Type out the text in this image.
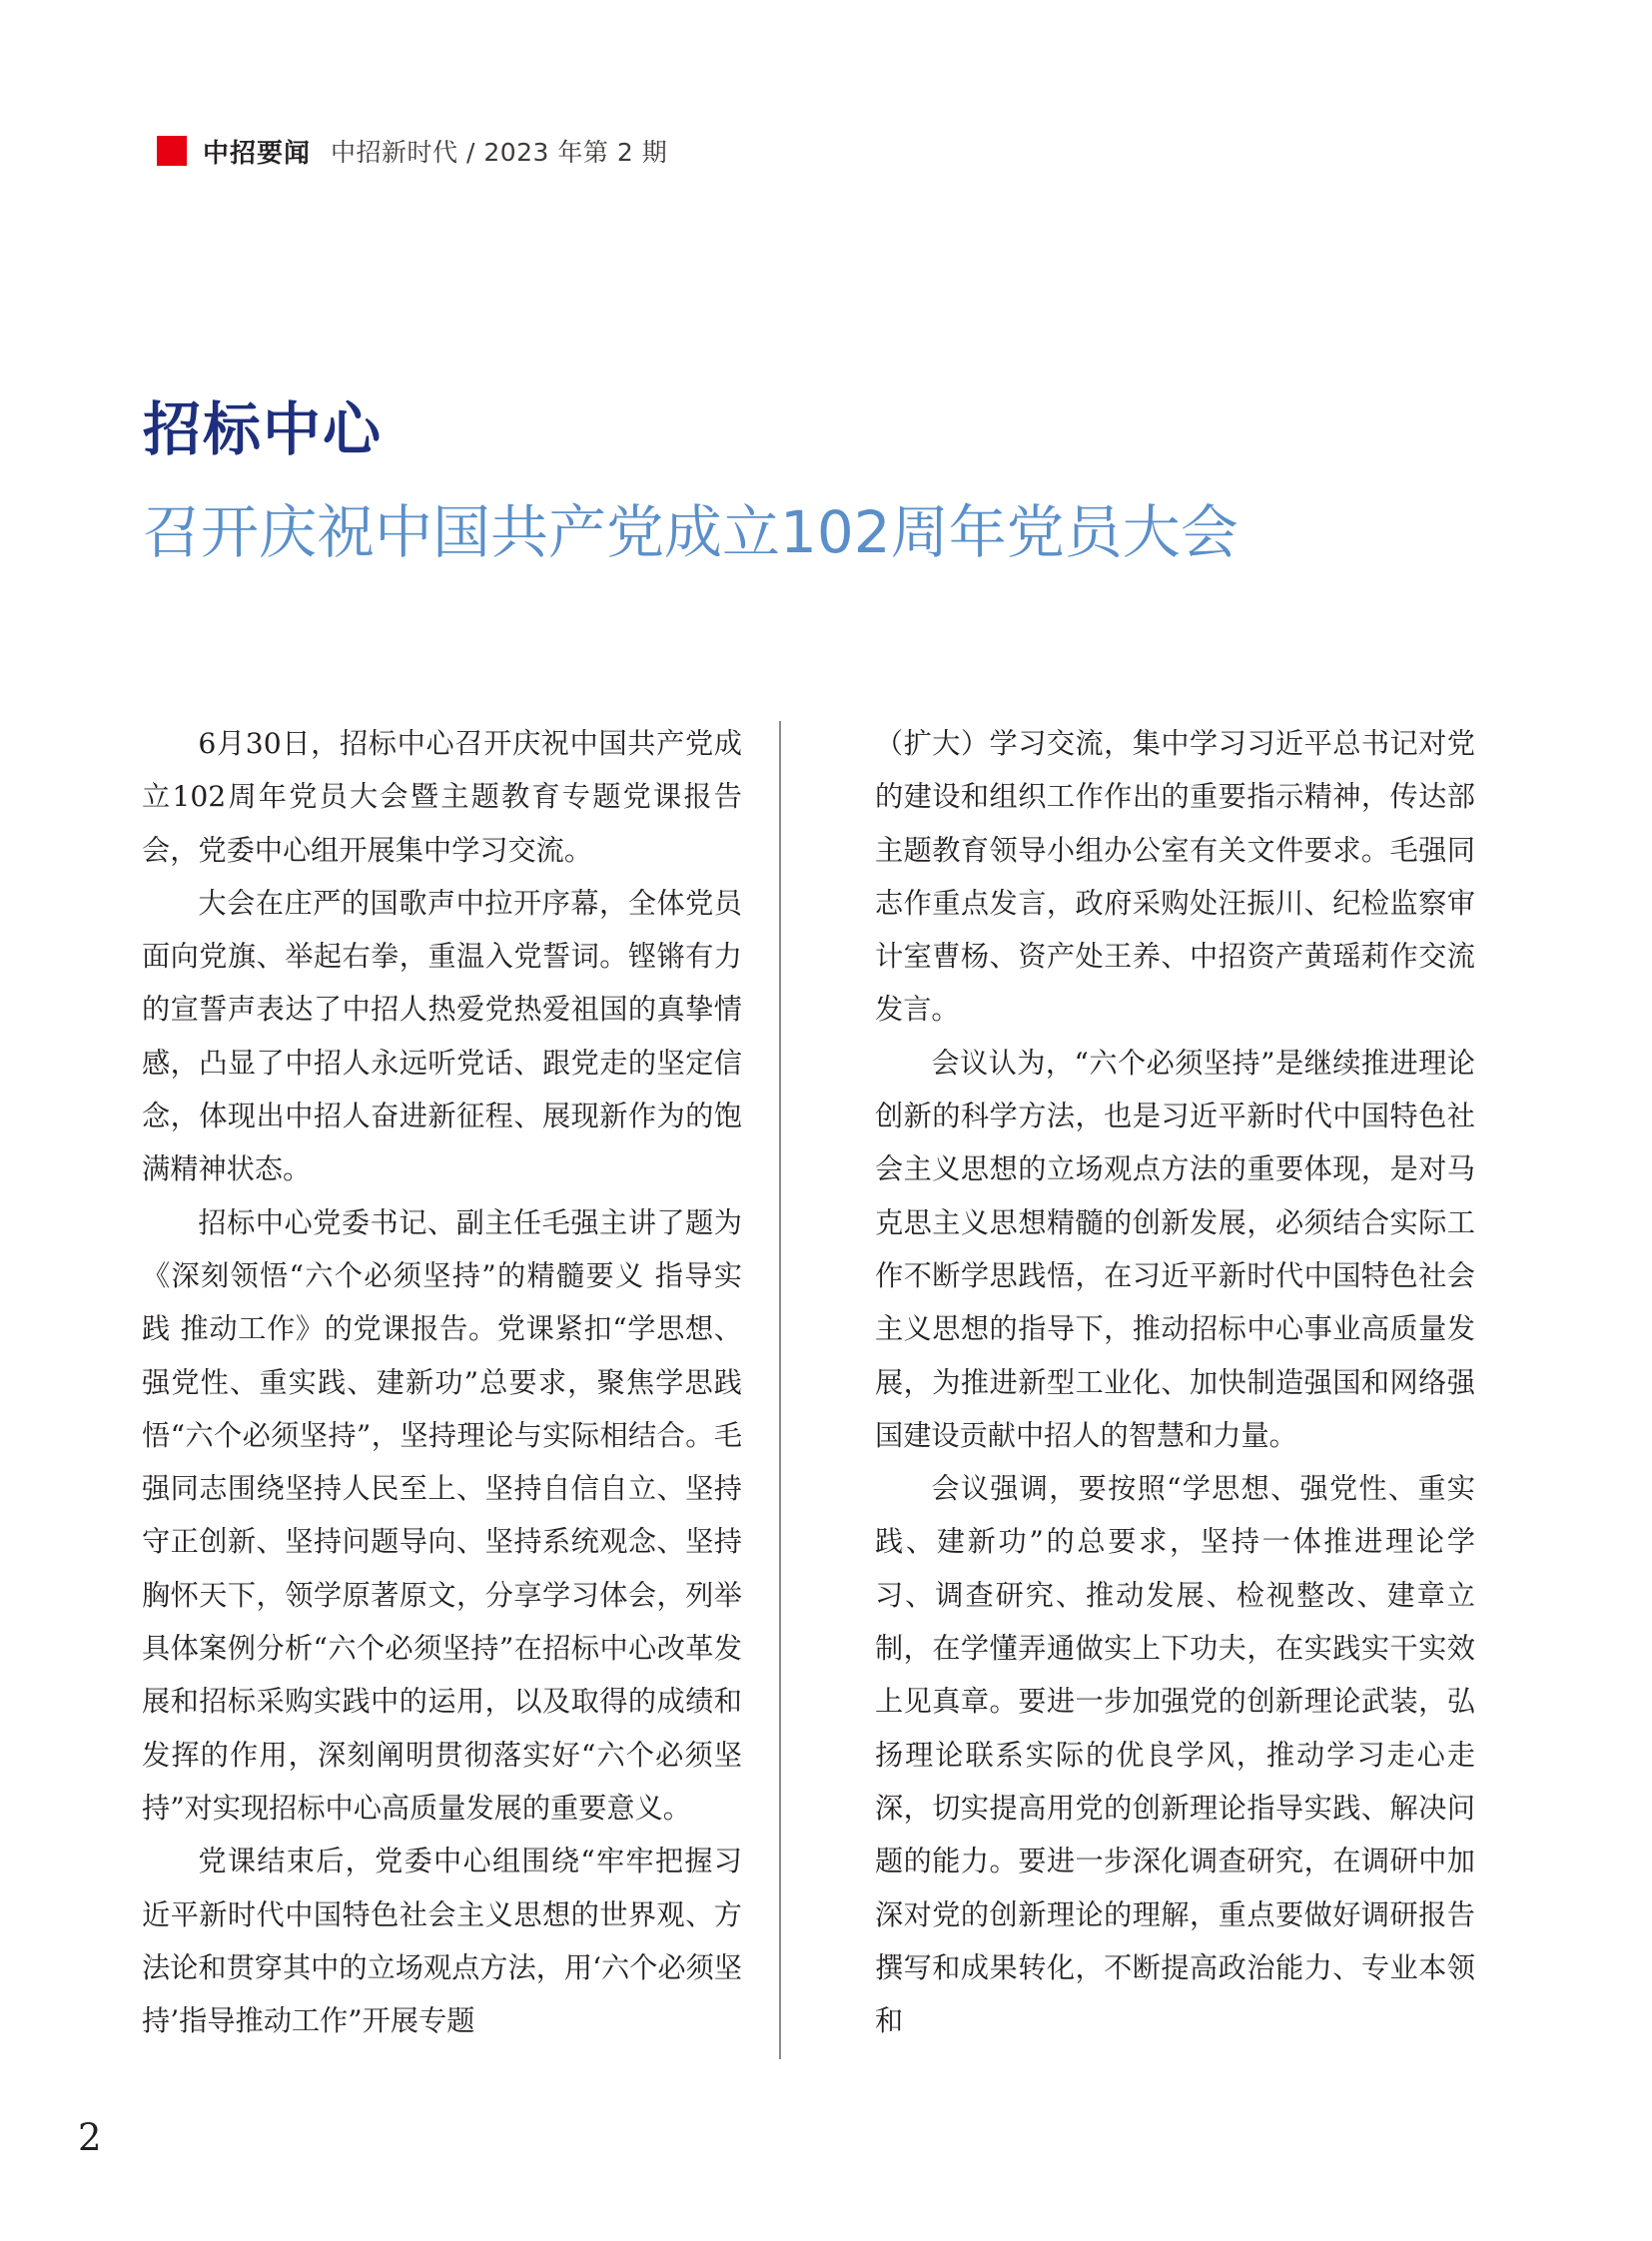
中招要闻 中招新时代 / 2023 年第 2 期
招标中心
召开庆祝中国共产党成立102周年党员大会

6月30日，招标中心召开庆祝中国共产党成立102周年党员大会暨主题教育专题党课报告会，党委中心组开展集中学习交流。

大会在庄严的国歌声中拉开序幕，全体党员面向党旗、举起右拳，重温入党誓词。铿锵有力的宣誓声表达了中招人热爱党热爱祖国的真挚情感，凸显了中招人永远听党话、跟党走的坚定信念，体现出中招人奋进新征程、展现新作为的饱满精神状态。

招标中心党委书记、副主任毛强主讲了题为《深刻领悟“六个必须坚持”的精髓要义 指导实践 推动工作》的党课报告。党课紧扣“学思想、强党性、重实践、建新功”总要求，聚焦学思践悟“六个必须坚持”，坚持理论与实际相结合。毛强同志围绕坚持人民至上、坚持自信自立、坚持守正创新、坚持问题导向、坚持系统观念、坚持胸怀天下，领学原著原文，分享学习体会，列举具体案例分析“六个必须坚持”在招标中心改革发展和招标采购实践中的运用，以及取得的成绩和发挥的作用，深刻阐明贯彻落实好“六个必须坚持”对实现招标中心高质量发展的重要意义。

党课结束后，党委中心组围绕“牢牢把握习近平新时代中国特色社会主义思想的世界观、方法论和贯穿其中的立场观点方法，用‘六个必须坚持’指导推动工作”开展专题

（扩大）学习交流，集中学习习近平总书记对党的建设和组织工作作出的重要指示精神，传达部主题教育领导小组办公室有关文件要求。毛强同志作重点发言，政府采购处汪振川、纪检监察审计室曹杨、资产处王养、中招资产黄瑶莉作交流发言。

会议认为，“六个必须坚持”是继续推进理论创新的科学方法，也是习近平新时代中国特色社会主义思想的立场观点方法的重要体现，是对马克思主义思想精髓的创新发展，必须结合实际工作不断学思践悟，在习近平新时代中国特色社会主义思想的指导下，推动招标中心事业高质量发展，为推进新型工业化、加快制造强国和网络强国建设贡献中招人的智慧和力量。

会议强调，要按照“学思想、强党性、重实践、建新功”的总要求，坚持一体推进理论学习、调查研究、推动发展、检视整改、建章立制，在学懂弄通做实上下功夫，在实践实干实效上见真章。要进一步加强党的创新理论武装，弘扬理论联系实际的优良学风，推动学习走心走深，切实提高用党的创新理论指导实践、解决问题的能力。要进一步深化调查研究，在调研中加深对党的创新理论的理解，重点要做好调研报告撰写和成果转化，不断提高政治能力、专业本领和

2
